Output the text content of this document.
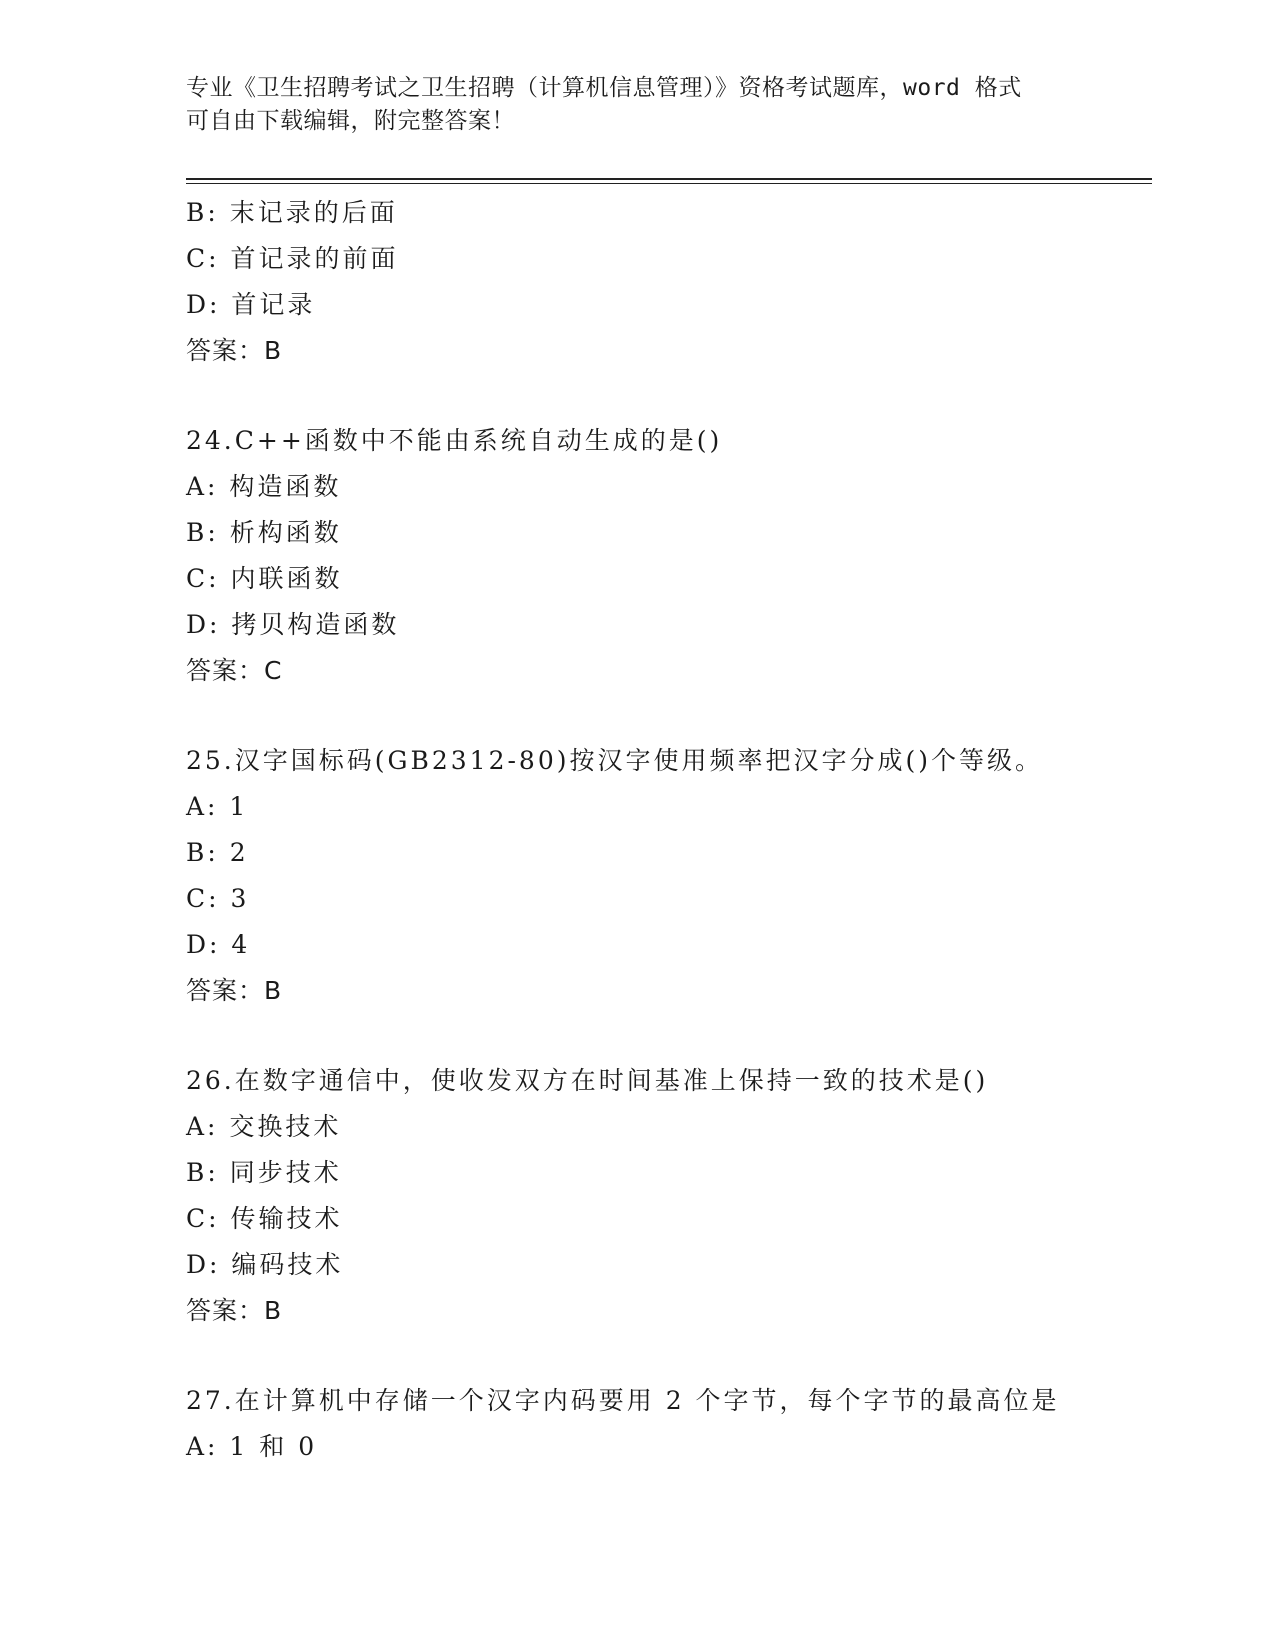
专业《卫生招聘考试之卫生招聘（计算机信息管理）》资格考试题库，word 格式
可自由下载编辑，附完整答案！
B: 末记录的后面
C: 首记录的前面
D: 首记录
答案：B
24.C++函数中不能由系统自动生成的是()
A: 构造函数
B: 析构函数
C: 内联函数
D: 拷贝构造函数
答案：C
25.汉字国标码(GB2312-80)按汉字使用频率把汉字分成()个等级。
A: 1
B: 2
C: 3
D: 4
答案：B
26.在数字通信中，使收发双方在时间基准上保持一致的技术是()
A: 交换技术
B: 同步技术
C: 传输技术
D: 编码技术
答案：B
27.在计算机中存储一个汉字内码要用 2 个字节，每个字节的最高位是
A: 1 和 0
